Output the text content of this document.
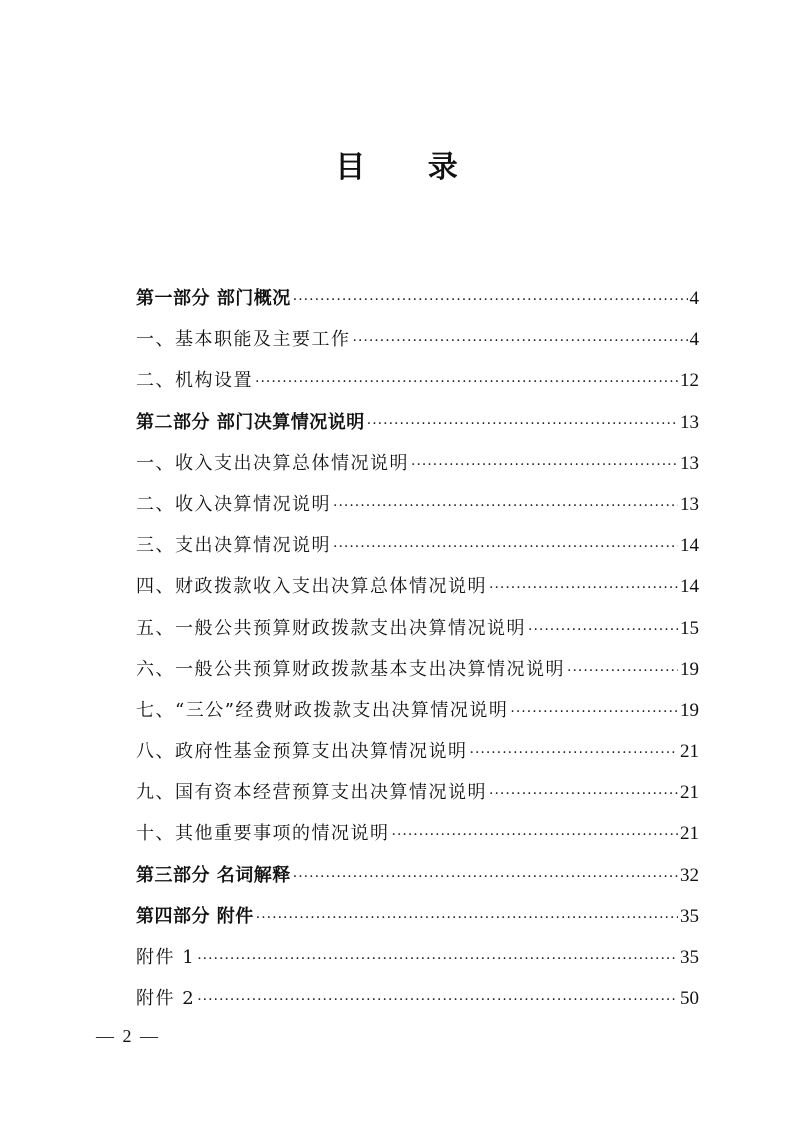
目 录
第一部分 部门概况 ·····	4
一、基本职能及主要工作 ·····	4
二、机构设置 ·····	12
第二部分 部门决算情况说明 ·····	13
一、收入支出决算总体情况说明 ·····	13
二、收入决算情况说明 ·····	13
三、支出决算情况说明 ·····	14
四、财政拨款收入支出决算总体情况说明 ·····	14
五、一般公共预算财政拨款支出决算情况说明 ·····	15
六、一般公共预算财政拨款基本支出决算情况说明 ·····	19
七、“三公”经费财政拨款支出决算情况说明 ·····	19
八、政府性基金预算支出决算情况说明 ·····	21
九、国有资本经营预算支出决算情况说明 ·····	21
十、其他重要事项的情况说明 ·····	21
第三部分 名词解释 ·····	32
第四部分 附件 ·····	35
附件 1 ·····	35
附件 2 ·····	50
— 2 —
